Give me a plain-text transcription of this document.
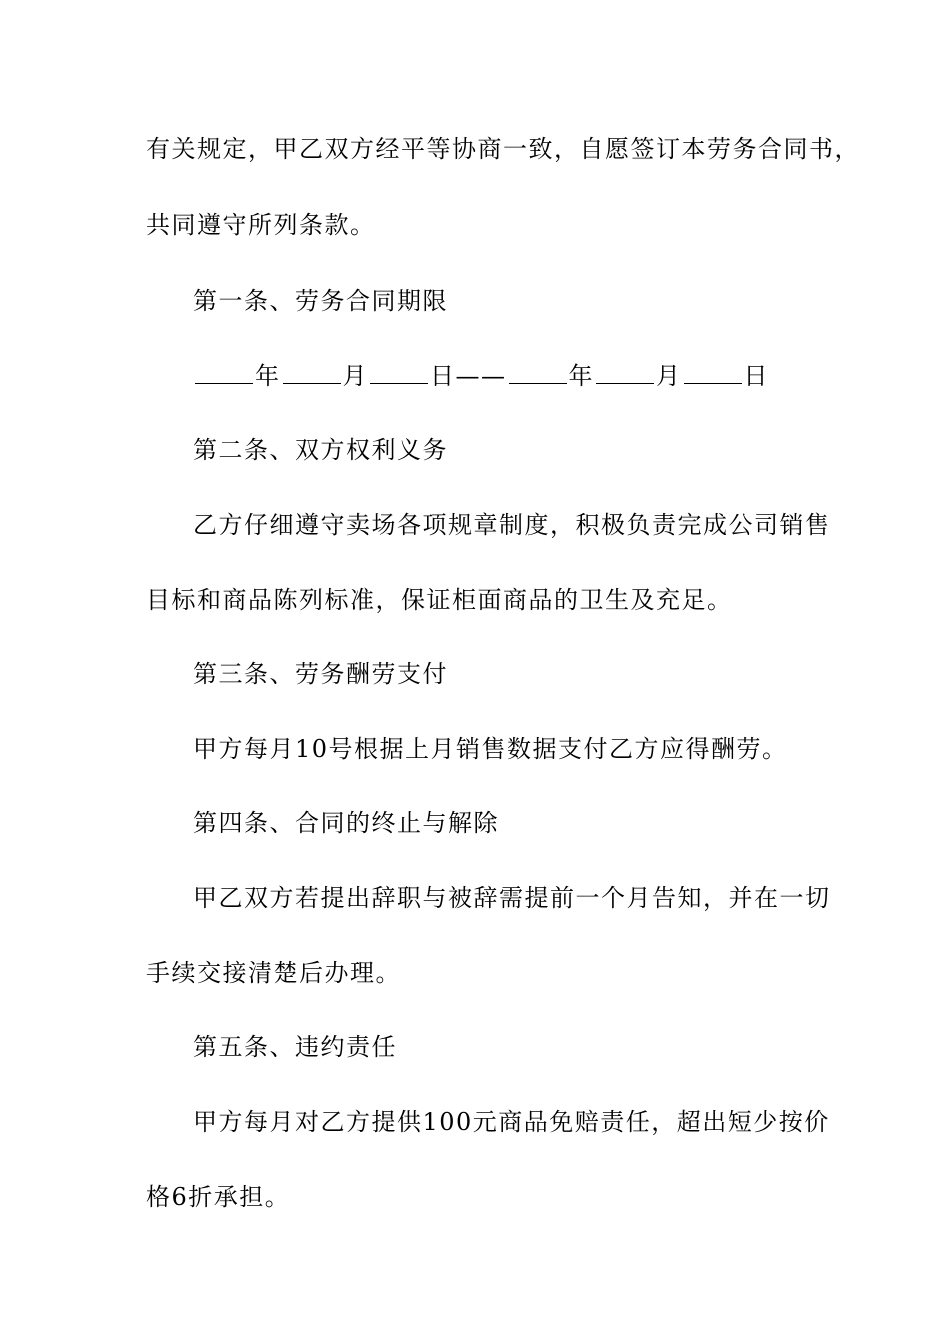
有关规定，甲乙双方经平等协商一致，自愿签订本劳务合同书，
共同遵守所列条款。
第一条、劳务合同期限
年	月	日——	年	月	日
第二条、双方权利义务
乙方仔细遵守卖场各项规章制度，积极负责完成公司销售
目标和商品陈列标准，保证柜面商品的卫生及充足。
第三条、劳务酬劳支付
甲方每月10号根据上月销售数据支付乙方应得酬劳。
第四条、合同的终止与解除
甲乙双方若提出辞职与被辞需提前一个月告知，并在一切
手续交接清楚后办理。
第五条、违约责任
甲方每月对乙方提供100元商品免赔责任，超出短少按价
格6折承担。
